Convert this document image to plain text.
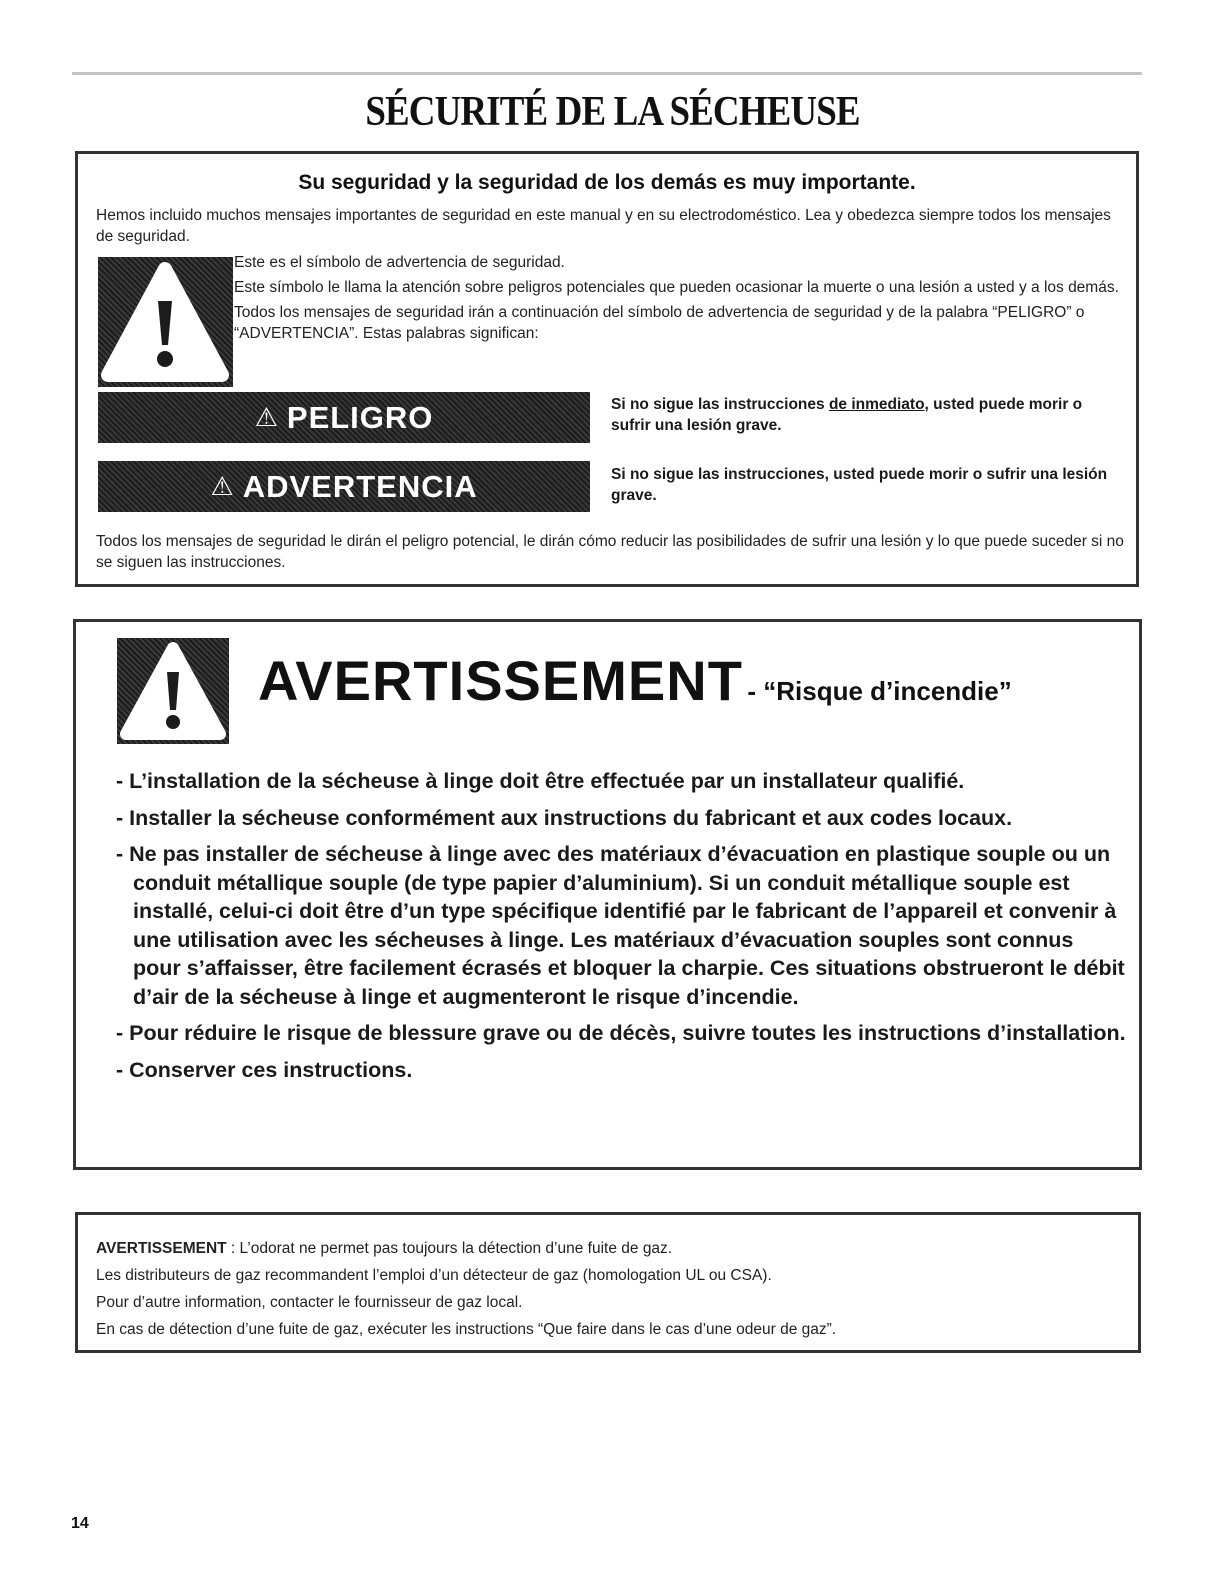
SÉCURITÉ DE LA SÉCHEUSE
Su seguridad y la seguridad de los demás es muy importante.
Hemos incluido muchos mensajes importantes de seguridad en este manual y en su electrodoméstico. Lea y obedezca siempre todos los mensajes de seguridad.

Este es el símbolo de advertencia de seguridad.

Este símbolo le llama la atención sobre peligros potenciales que pueden ocasionar la muerte o una lesión a usted y a los demás.

Todos los mensajes de seguridad irán a continuación del símbolo de advertencia de seguridad y de la palabra “PELIGRO” o “ADVERTENCIA”. Estas palabras significan:

⚠ PELIGRO	Si no sigue las instrucciones de inmediato, usted puede morir o sufrir una lesión grave.
⚠ ADVERTENCIA	Si no sigue las instrucciones, usted puede morir o sufrir una lesión grave.
Todos los mensajes de seguridad le dirán el peligro potencial, le dirán cómo reducir las posibilidades de sufrir una lesión y lo que puede suceder si no se siguen las instrucciones.
AVERTISSEMENT - “Risque d’incendie”
- L’installation de la sécheuse à linge doit être effectuée par un installateur qualifié.
- Installer la sécheuse conformément aux instructions du fabricant et aux codes locaux.
- Ne pas installer de sécheuse à linge avec des matériaux d’évacuation en plastique souple ou un conduit métallique souple (de type papier d’aluminium). Si un conduit métallique souple est installé, celui-ci doit être d’un type spécifique identifié par le fabricant de l’appareil et convenir à une utilisation avec les sécheuses à linge. Les matériaux d’évacuation souples sont connus pour s’affaisser, être facilement écrasés et bloquer la charpie. Ces situations obstrueront le débit d’air de la sécheuse à linge et augmenteront le risque d’incendie.
- Pour réduire le risque de blessure grave ou de décès, suivre toutes les instructions d’installation.
- Conserver ces instructions.
AVERTISSEMENT : L’odorat ne permet pas toujours la détection d’une fuite de gaz.
Les distributeurs de gaz recommandent l’emploi d’un détecteur de gaz (homologation UL ou CSA).
Pour d’autre information, contacter le fournisseur de gaz local.
En cas de détection d’une fuite de gaz, exécuter les instructions “Que faire dans le cas d’une odeur de gaz”.
14
